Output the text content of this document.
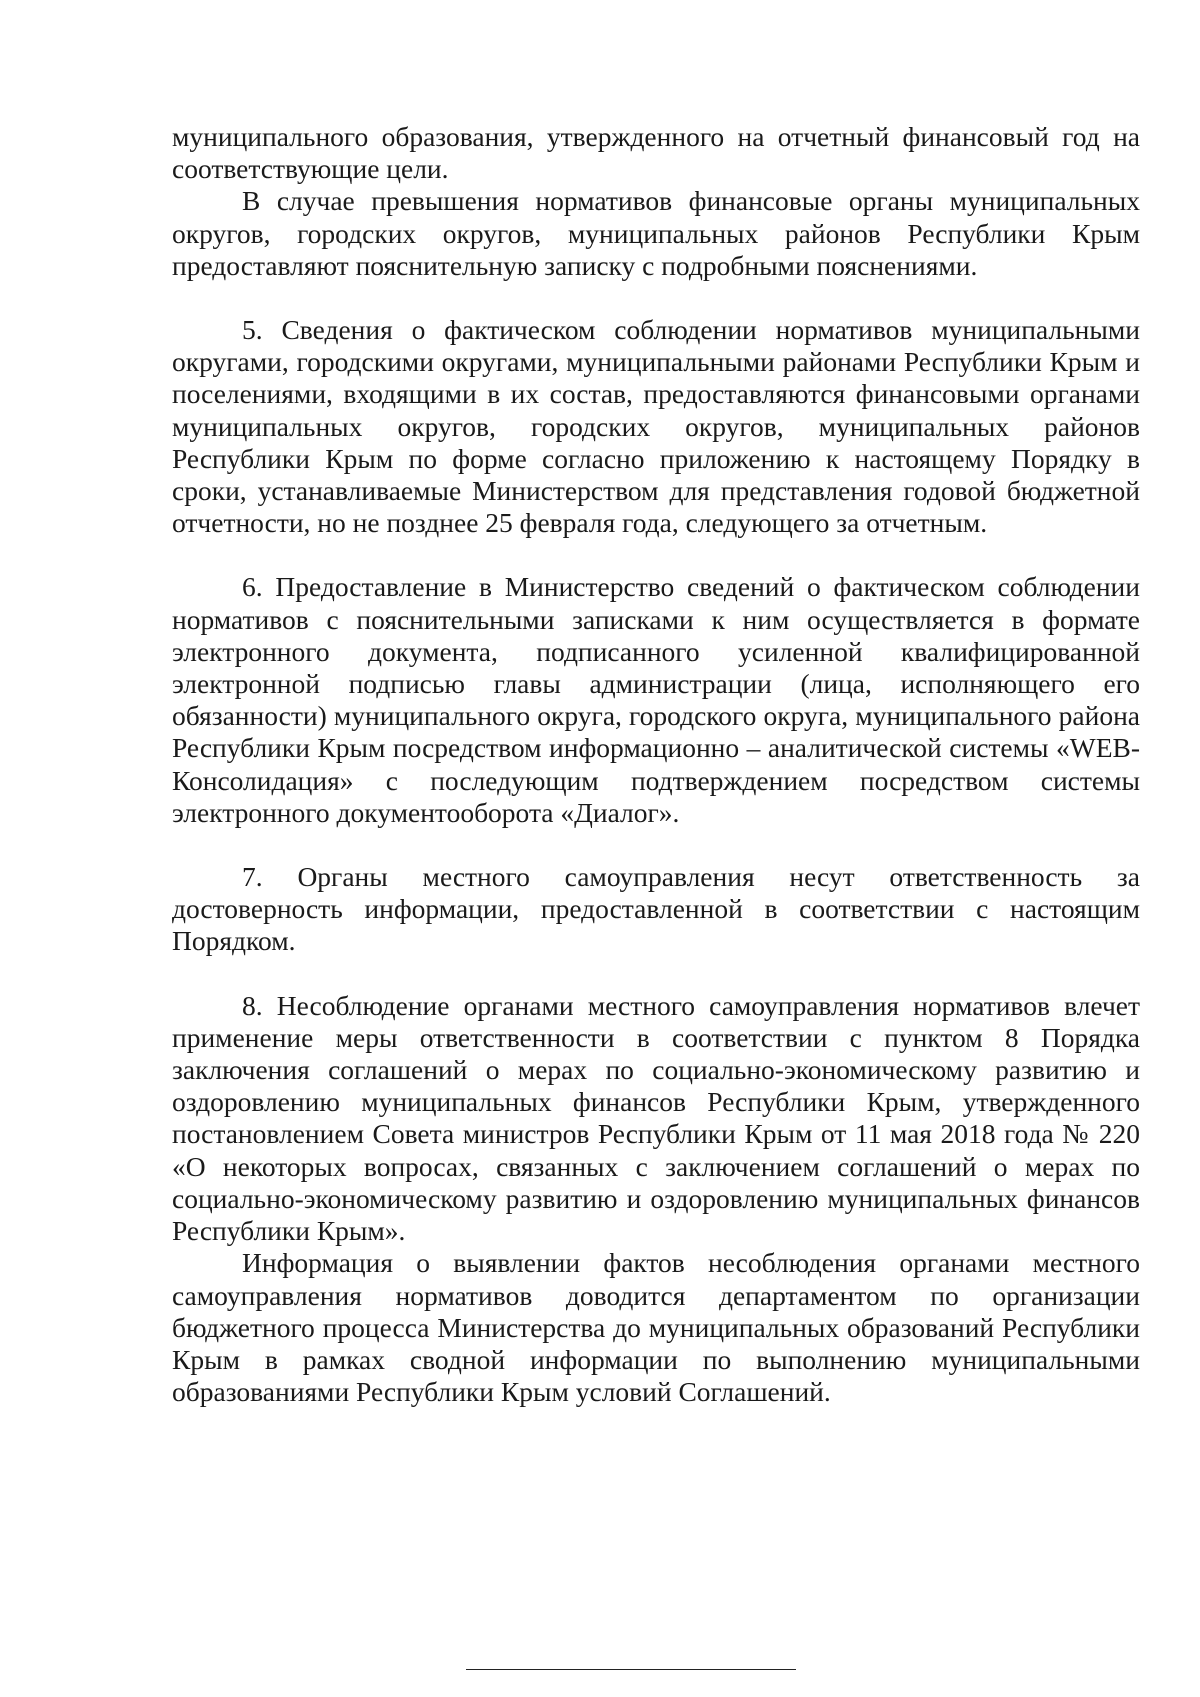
муниципального образования, утвержденного на отчетный финансовый год на соответствующие цели.

В случае превышения нормативов финансовые органы муниципальных округов, городских округов, муниципальных районов Республики Крым предоставляют пояснительную записку с подробными пояснениями.

5. Сведения о фактическом соблюдении нормативов муниципальными округами, городскими округами, муниципальными районами Республики Крым и поселениями, входящими в их состав, предоставляются финансовыми органами муниципальных округов, городских округов, муниципальных районов Республики Крым по форме согласно приложению к настоящему Порядку в сроки, устанавливаемые Министерством для представления годовой бюджетной отчетности, но не позднее 25 февраля года, следующего за отчетным.

6. Предоставление в Министерство сведений о фактическом соблюдении нормативов с пояснительными записками к ним осуществляется в формате электронного документа, подписанного усиленной квалифицированной электронной подписью главы администрации (лица, исполняющего его обязанности) муниципального округа, городского округа, муниципального района Республики Крым посредством информационно – аналитической системы «WEB-Консолидация» с последующим подтверждением посредством системы электронного документооборота «Диалог».

7. Органы местного самоуправления несут ответственность за достоверность информации, предоставленной в соответствии с настоящим Порядком.

8. Несоблюдение органами местного самоуправления нормативов влечет применение меры ответственности в соответствии с пунктом 8 Порядка заключения соглашений о мерах по социально-экономическому развитию и оздоровлению муниципальных финансов Республики Крым, утвержденного постановлением Совета министров Республики Крым от 11 мая 2018 года № 220 «О некоторых вопросах, связанных с заключением соглашений о мерах по социально-экономическому развитию и оздоровлению муниципальных финансов Республики Крым».

Информация о выявлении фактов несоблюдения органами местного самоуправления нормативов доводится департаментом по организации бюджетного процесса Министерства до муниципальных образований Республики Крым в рамках сводной информации по выполнению муниципальными образованиями Республики Крым условий Соглашений.
